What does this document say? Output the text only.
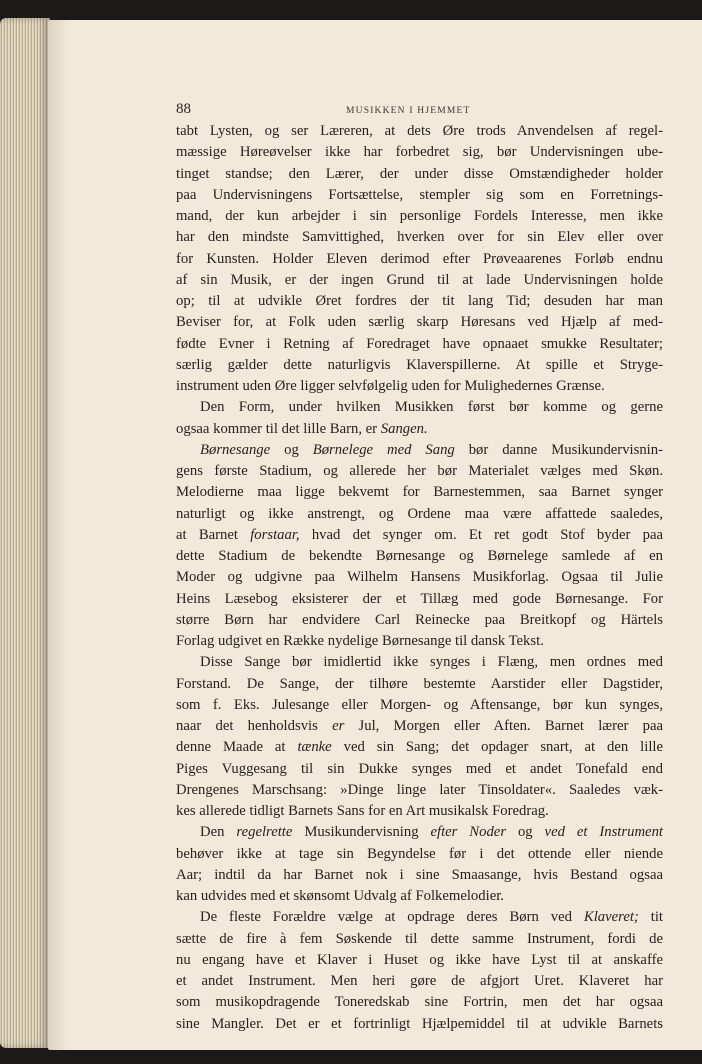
88	MUSIKKEN I HJEMMET
tabt Lysten, og ser Læreren, at dets Øre trods Anvendelsen af regel-
mæssige Høreøvelser ikke har forbedret sig, bør Undervisningen ube-
tinget standse; den Lærer, der under disse Omstændigheder holder
paa Undervisningens Fortsættelse, stempler sig som en Forretnings-
mand, der kun arbejder i sin personlige Fordels Interesse, men ikke
har den mindste Samvittighed, hverken over for sin Elev eller over
for Kunsten. Holder Eleven derimod efter Prøveaarenes Forløb endnu
af sin Musik, er der ingen Grund til at lade Undervisningen holde
op; til at udvikle Øret fordres der tit lang Tid; desuden har man
Beviser for, at Folk uden særlig skarp Høresans ved Hjælp af med-
fødte Evner i Retning af Foredraget have opnaaet smukke Resultater;
særlig gælder dette naturligvis Klaverspillerne. At spille et Stryge-
instrument uden Øre ligger selvfølgelig uden for Mulighedernes Grænse.
Den Form, under hvilken Musikken først bør komme og gerne
ogsaa kommer til det lille Barn, er Sangen.
Børnesange og Børnelege med Sang bør danne Musikundervisnin-
gens første Stadium, og allerede her bør Materialet vælges med Skøn.
Melodierne maa ligge bekvemt for Barnestemmen, saa Barnet synger
naturligt og ikke anstrengt, og Ordene maa være affattede saaledes,
at Barnet forstaar, hvad det synger om. Et ret godt Stof byder paa
dette Stadium de bekendte Børnesange og Børnelege samlede af en
Moder og udgivne paa Wilhelm Hansens Musikforlag. Ogsaa til Julie
Heins Læsebog eksisterer der et Tillæg med gode Børnesange. For
større Børn har endvidere Carl Reinecke paa Breitkopf og Härtels
Forlag udgivet en Række nydelige Børnesange til dansk Tekst.
Disse Sange bør imidlertid ikke synges i Flæng, men ordnes med
Forstand. De Sange, der tilhøre bestemte Aarstider eller Dagstider,
som f. Eks. Julesange eller Morgen- og Aftensange, bør kun synges,
naar det henholdsvis er Jul, Morgen eller Aften. Barnet lærer paa
denne Maade at tænke ved sin Sang; det opdager snart, at den lille
Piges Vuggesang til sin Dukke synges med et andet Tonefald end
Drengenes Marschsang: »Dinge linge later Tinsoldater«. Saaledes væk-
kes allerede tidligt Barnets Sans for en Art musikalsk Foredrag.
Den regelrette Musikundervisning efter Noder og ved et Instrument
behøver ikke at tage sin Begyndelse før i det ottende eller niende
Aar; indtil da har Barnet nok i sine Smaasange, hvis Bestand ogsaa
kan udvides med et skønsomt Udvalg af Folkemelodier.
De fleste Forældre vælge at opdrage deres Børn ved Klaveret; tit
sætte de fire à fem Søskende til dette samme Instrument, fordi de
nu engang have et Klaver i Huset og ikke have Lyst til at anskaffe
et andet Instrument. Men heri gøre de afgjort Uret. Klaveret har
som musikopdragende Toneredskab sine Fortrin, men det har ogsaa
sine Mangler. Det er et fortrinligt Hjælpemiddel til at udvikle Barnets
